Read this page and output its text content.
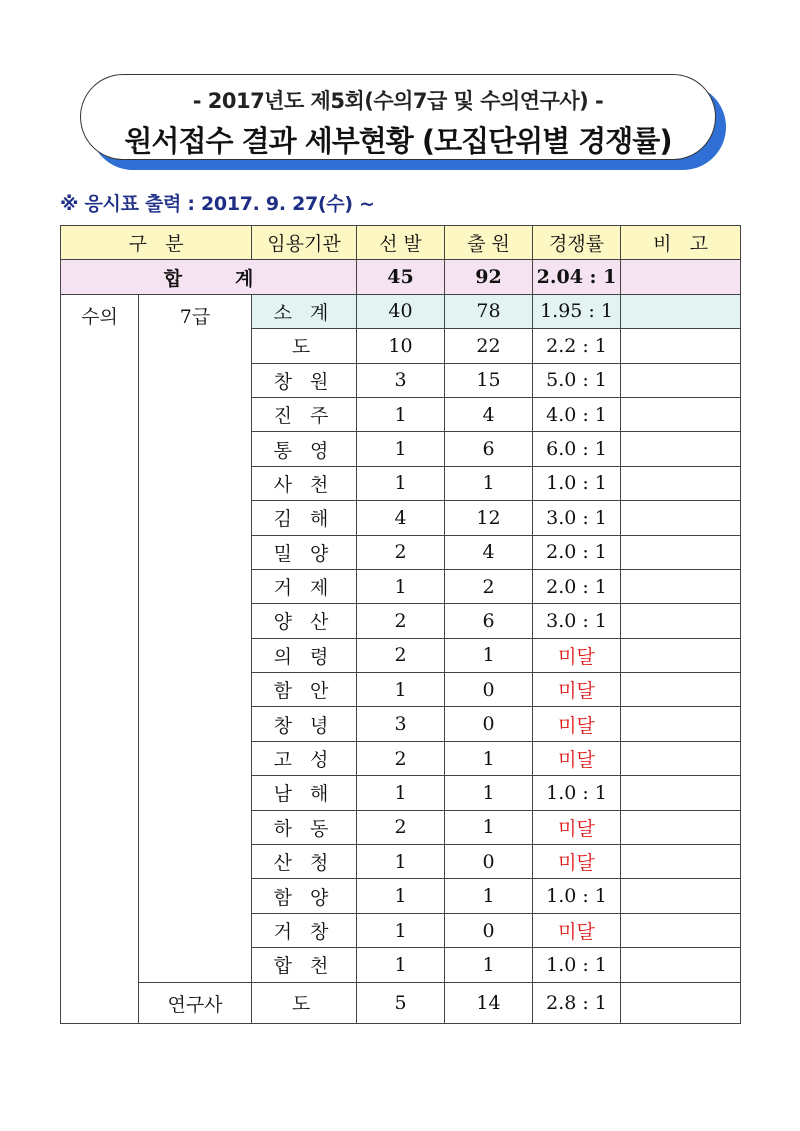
- 2017년도 제5회(수의7급 및 수의연구사) -
원서접수 결과 세부현황 (모집단위별 경쟁률)
※ 응시표 출력 : 2017. 9. 27(수) ~
구   분		임용기관	선 발	출 원	경쟁률	비   고
합        계			45	92	2.04 : 1	
수의	7급	소 계	40	78	1.95 : 1	
		도	10	22	2.2 : 1	
		창 원	3	15	5.0 : 1	
		진 주	1	4	4.0 : 1	
		통 영	1	6	6.0 : 1	
		사 천	1	1	1.0 : 1	
		김 해	4	12	3.0 : 1	
		밀 양	2	4	2.0 : 1	
		거 제	1	2	2.0 : 1	
		양 산	2	6	3.0 : 1	
		의 령	2	1	미달	
		함 안	1	0	미달	
		창 녕	3	0	미달	
		고 성	2	1	미달	
		남 해	1	1	1.0 : 1	
		하 동	2	1	미달	
		산 청	1	0	미달	
		함 양	1	1	1.0 : 1	
		거 창	1	0	미달	
		합 천	1	1	1.0 : 1	
	연구사	도	5	14	2.8 : 1	
